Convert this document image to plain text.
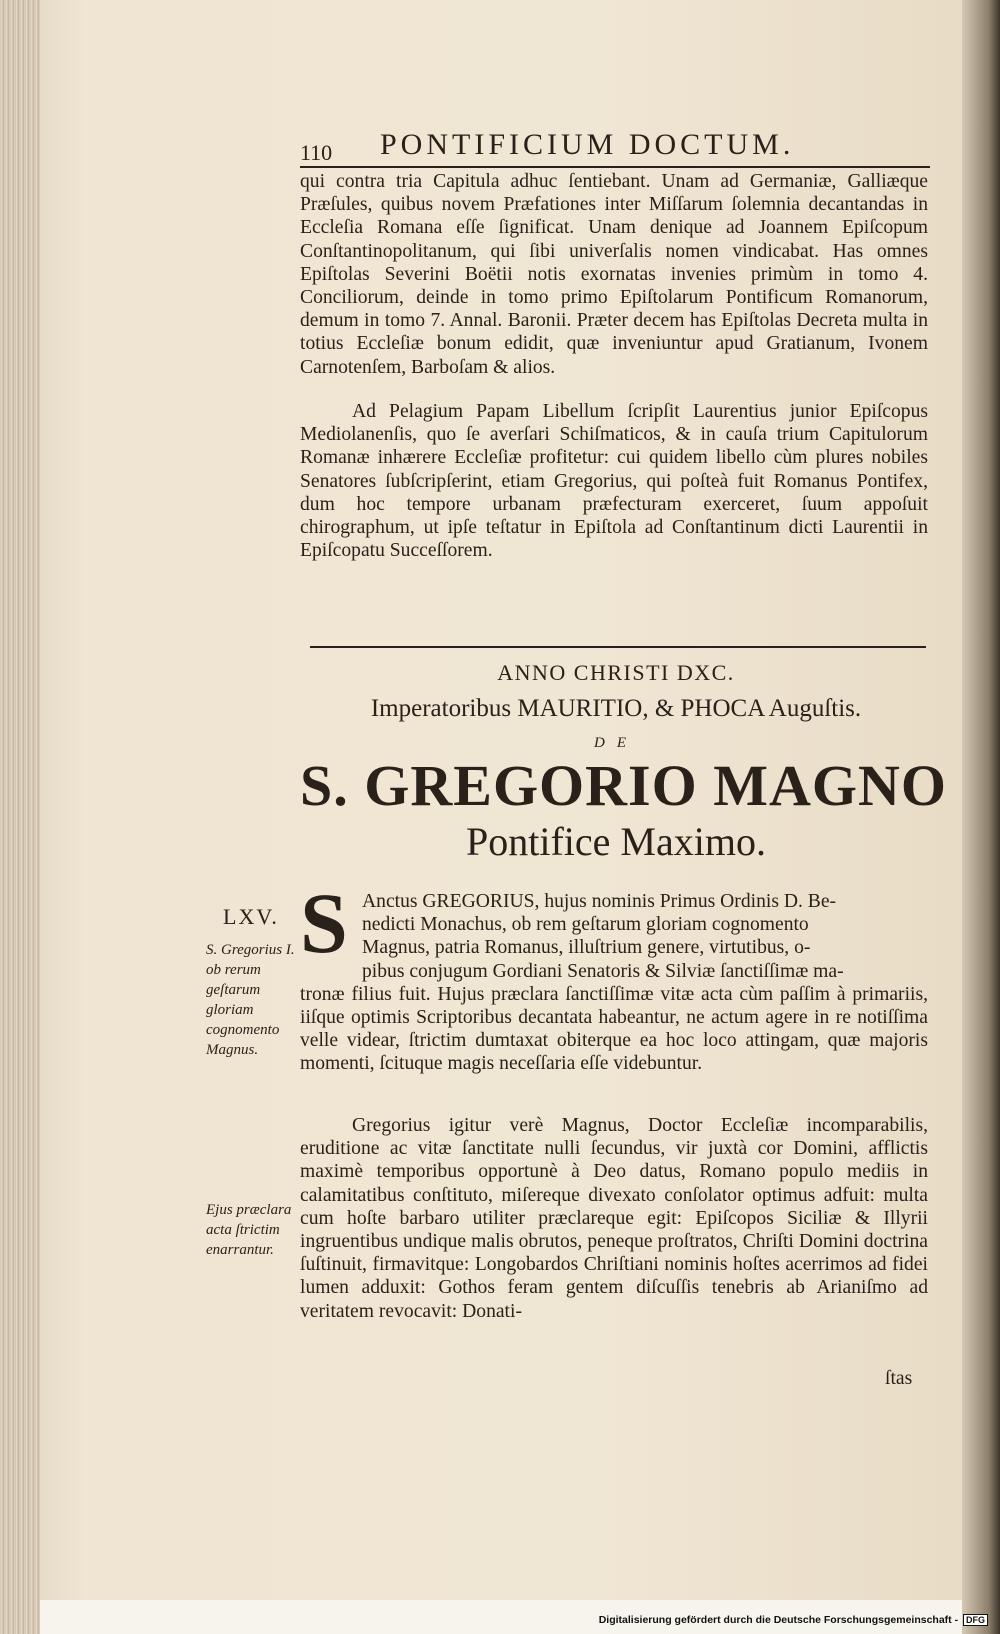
LXV.
S. Gregorius I. ob rerum geſtarum gloriam cognomento Magnus.
Ejus præclara acta ſtrictim enarrantur.
110 PONTIFICIUM DOCTUM.
qui contra tria Capitula adhuc ſentiebant. Unam ad Germaniæ, Galliæque Præſules, quibus novem Præfationes inter Miſſarum ſolemnia decantandas in Eccleſia Romana eſſe ſignificat. Unam denique ad Joannem Epiſcopum Conſtantinopolitanum, qui ſibi univerſalis nomen vindicabat. Has omnes Epiſtolas Severini Boëtii notis exornatas invenies primùm in tomo 4. Conciliorum, deinde in tomo primo Epiſtolarum Pontificum Romanorum, demum in tomo 7. Annal. Baronii. Præter decem has Epiſtolas Decreta multa in totius Eccleſiæ bonum edidit, quæ inveniuntur apud Gratianum, Ivonem Carnotenſem, Barboſam & alios.
Ad Pelagium Papam Libellum ſcripſit Laurentius junior Epiſcopus Mediolanenſis, quo ſe averſari Schiſmaticos, & in cauſa trium Capitulorum Romanæ inhærere Eccleſiæ profitetur: cui quidem libello cùm plures nobiles Senatores ſubſcripſerint, etiam Gregorius, qui poſteà fuit Romanus Pontifex, dum hoc tempore urbanam præfecturam exerceret, ſuum appoſuit chirographum, ut ipſe teſtatur in Epiſtola ad Conſtantinum dicti Laurentii in Epiſcopatu Succeſſorem.
ANNO CHRISTI DXC.
Imperatoribus MAURITIO, & PHOCA Auguſtis.
DE
S. GREGORIO MAGNO
Pontifice Maximo.
S Anctus GREGORIUS, hujus nominis Primus Ordinis D. Be-
nedicti Monachus, ob rem geſtarum gloriam cognomento
Magnus, patria Romanus, illuſtrium genere, virtutibus, o-
pibus conjugum Gordiani Senatoris & Silviæ ſanctiſſimæ ma-
tronæ filius fuit. Hujus præclara ſanctiſſimæ vitæ acta cùm paſſim à primariis, iiſque optimis Scriptoribus decantata habeantur, ne actum agere in re notiſſima velle videar, ſtrictim dumtaxat obiterque ea hoc loco attingam, quæ majoris momenti, ſcituque magis neceſſaria eſſe videbuntur.
Gregorius igitur verè Magnus, Doctor Eccleſiæ incomparabilis, eruditione ac vitæ ſanctitate nulli ſecundus, vir juxtà cor Domini, afflictis maximè temporibus opportunè à Deo datus, Romano populo mediis in calamitatibus conſtituto, miſereque divexato conſolator optimus adfuit: multa cum hoſte barbaro utiliter præclareque egit: Epiſcopos Siciliæ & Illyrii ingruentibus undique malis obrutos, peneque proſtratos, Chriſti Domini doctrina ſuſtinuit, firmavitque: Longobardos Chriſtiani nominis hoſtes acerrimos ad fidei lumen adduxit: Gothos feram gentem diſcuſſis tenebris ab Arianiſmo ad veritatem revocavit: Donati-
ſtas
Digitalisierung gefördert durch die Deutsche Forschungsgemeinschaft - DFG
